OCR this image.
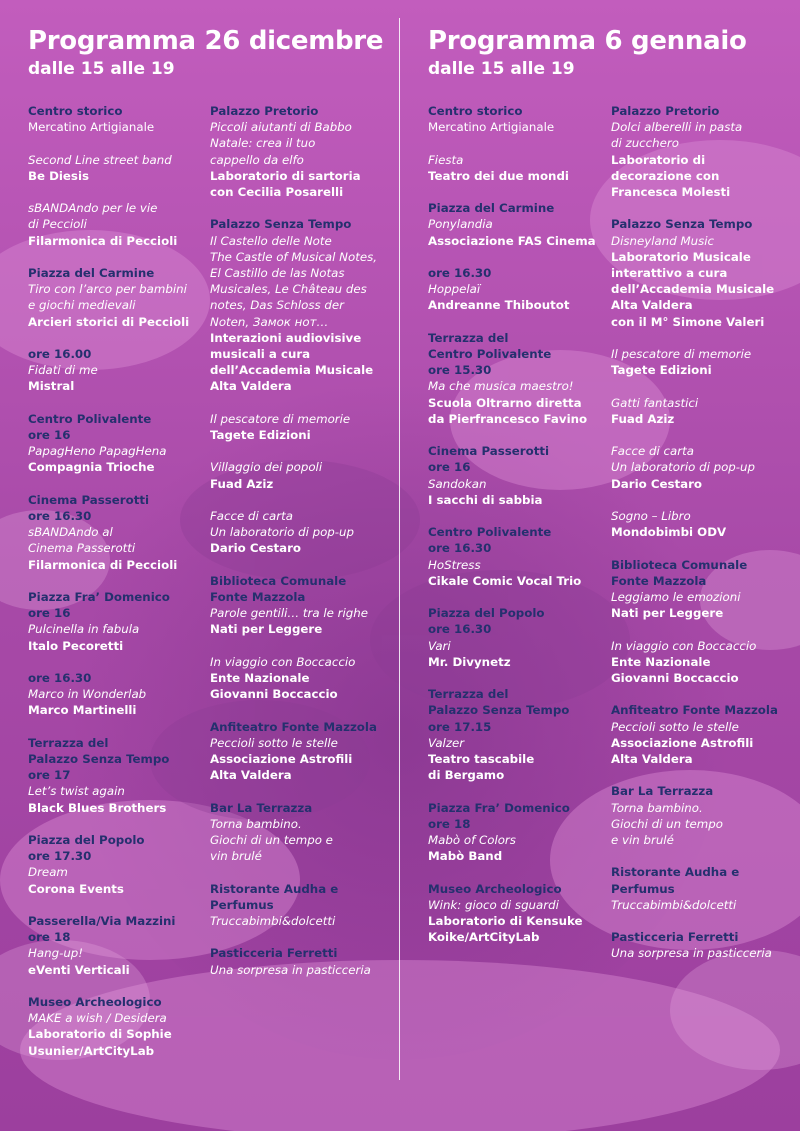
Programma 26 dicembre
dalle 15 alle 19
Programma 6 gennaio
dalle 15 alle 19
Centro storico
Mercatino Artigianale
Second Line street band
Be Diesis
sBANDAndo per le vie
di Peccioli
Filarmonica di Peccioli
Piazza del Carmine
Tiro con l’arco per bambini
e giochi medievali
Arcieri storici di Peccioli
ore 16.00
Fidati di me
Mistral
Centro Polivalente
ore 16
PapagHeno PapagHena
Compagnia Trioche
Cinema Passerotti
ore 16.30
sBANDAndo al
Cinema Passerotti
Filarmonica di Peccioli
Piazza Fra’ Domenico
ore 16
Pulcinella in fabula
Italo Pecoretti
ore 16.30
Marco in Wonderlab
Marco Martinelli
Terrazza del
Palazzo Senza Tempo
ore 17
Let’s twist again
Black Blues Brothers
Piazza del Popolo
ore 17.30
Dream
Corona Events
Passerella/Via Mazzini
ore 18
Hang-up!
eVenti Verticali
Museo Archeologico
MAKE a wish / Desidera
Laboratorio di Sophie
Usunier/ArtCityLab
Palazzo Pretorio
Piccoli aiutanti di Babbo
Natale: crea il tuo
cappello da elfo
Laboratorio di sartoria
con Cecilia Posarelli
Palazzo Senza Tempo
Il Castello delle Note
The Castle of Musical Notes,
El Castillo de las Notas
Musicales, Le Château des
notes, Das Schloss der
Noten, Замок нот…
Interazioni audiovisive
musicali a cura
dell’Accademia Musicale
Alta Valdera
Il pescatore di memorie
Tagete Edizioni
Villaggio dei popoli
Fuad Aziz
Facce di carta
Un laboratorio di pop-up
Dario Cestaro
Biblioteca Comunale
Fonte Mazzola
Parole gentili… tra le righe
Nati per Leggere
In viaggio con Boccaccio
Ente Nazionale
Giovanni Boccaccio
Anfiteatro Fonte Mazzola
Peccioli sotto le stelle
Associazione Astrofili
Alta Valdera
Bar La Terrazza
Torna bambino.
Giochi di un tempo e
vin brulé
Ristorante Audha e
Perfumus
Truccabimbi&dolcetti
Pasticceria Ferretti
Una sorpresa in pasticceria
Centro storico
Mercatino Artigianale
Fiesta
Teatro dei due mondi
Piazza del Carmine
Ponylandia
Associazione FAS Cinema
ore 16.30
Hoppelaï
Andreanne Thiboutot
Terrazza del
Centro Polivalente
ore 15.30
Ma che musica maestro!
Scuola Oltrarno diretta
da Pierfrancesco Favino
Cinema Passerotti
ore 16
Sandokan
I sacchi di sabbia
Centro Polivalente
ore 16.30
HoStress
Cikale Comic Vocal Trio
Piazza del Popolo
ore 16.30
Vari
Mr. Divynetz
Terrazza del
Palazzo Senza Tempo
ore 17.15
Valzer
Teatro tascabile
di Bergamo
Piazza Fra’ Domenico
ore 18
Mabò of Colors
Mabò Band
Museo Archeologico
Wink: gioco di sguardi
Laboratorio di Kensuke
Koike/ArtCityLab
Palazzo Pretorio
Dolci alberelli in pasta
di zucchero
Laboratorio di
decorazione con
Francesca Molesti
Palazzo Senza Tempo
Disneyland Music
Laboratorio Musicale
interattivo a cura
dell’Accademia Musicale
Alta Valdera
con il M° Simone Valeri
Il pescatore di memorie
Tagete Edizioni
Gatti fantastici
Fuad Aziz
Facce di carta
Un laboratorio di pop-up
Dario Cestaro
Sogno – Libro
Mondobimbi ODV
Biblioteca Comunale
Fonte Mazzola
Leggiamo le emozioni
Nati per Leggere
In viaggio con Boccaccio
Ente Nazionale
Giovanni Boccaccio
Anfiteatro Fonte Mazzola
Peccioli sotto le stelle
Associazione Astrofili
Alta Valdera
Bar La Terrazza
Torna bambino.
Giochi di un tempo
e vin brulé
Ristorante Audha e
Perfumus
Truccabimbi&dolcetti
Pasticceria Ferretti
Una sorpresa in pasticceria
